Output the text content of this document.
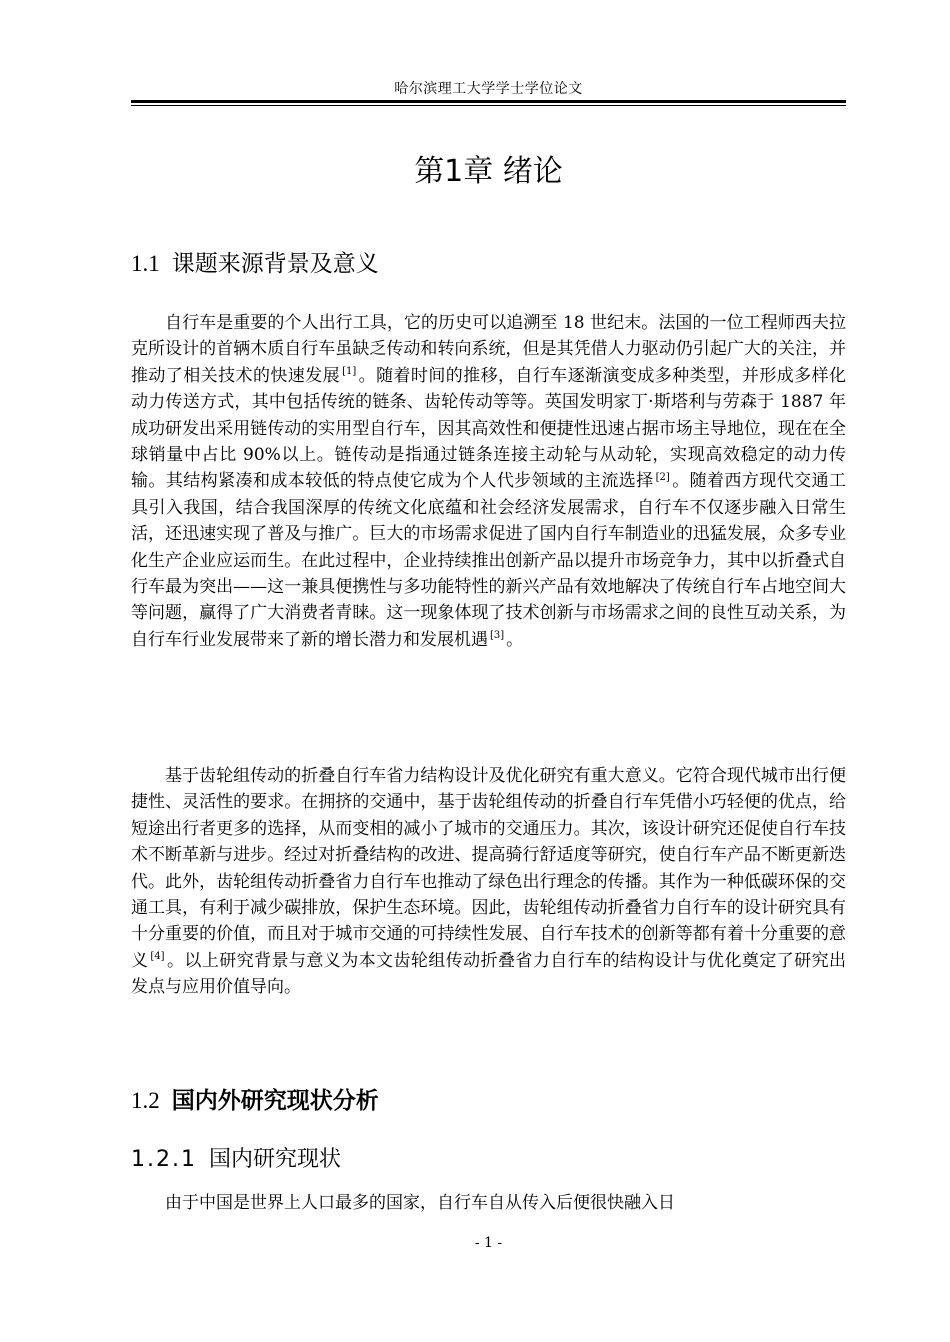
哈尔滨理工大学学士学位论文
第1章 绪论
1.1 课题来源背景及意义

自行车是重要的个人出行工具，它的历史可以追溯至 18 世纪末。法国的一位工程师西夫拉克所设计的首辆木质自行车虽缺乏传动和转向系统，但是其凭借人力驱动仍引起广大的关注，并推动了相关技术的快速发展 [1] 。随着时间的推移，自行车逐渐演变成多种类型，并形成多样化动力传送方式，其中包括传统的链条、齿轮传动等等。英国发明家丁·斯塔利与劳森于 1887 年成功研发出采用链传动的实用型自行车，因其高效性和便捷性迅速占据市场主导地位，现在在全球销量中占比 90%以上。链传动是指通过链条连接主动轮与从动轮，实现高效稳定的动力传输。其结构紧凑和成本较低的特点使它成为个人代步领域的主流选择 [2] 。随着西方现代交通工具引入我国，结合我国深厚的传统文化底蕴和社会经济发展需求，自行车不仅逐步融入日常生活，还迅速实现了普及与推广。巨大的市场需求促进了国内自行车制造业的迅猛发展，众多专业化生产企业应运而生。在此过程中，企业持续推出创新产品以提升市场竞争力，其中以折叠式自行车最为突出——这一兼具便携性与多功能特性的新兴产品有效地解决了传统自行车占地空间大等问题，赢得了广大消费者青睐。这一现象体现了技术创新与市场需求之间的良性互动关系，为自行车行业发展带来了新的增长潜力和发展机遇 [3] 。

基于齿轮组传动的折叠自行车省力结构设计及优化研究有重大意义。它符合现代城市出行便捷性、灵活性的要求。在拥挤的交通中，基于齿轮组传动的折叠自行车凭借小巧轻便的优点，给短途出行者更多的选择，从而变相的减小了城市的交通压力。其次，该设计研究还促使自行车技术不断革新与进步。经过对折叠结构的改进、提高骑行舒适度等研究，使自行车产品不断更新迭代。此外，齿轮组传动折叠省力自行车也推动了绿色出行理念的传播。其作为一种低碳环保的交通工具，有利于减少碳排放，保护生态环境。因此，齿轮组传动折叠省力自行车的设计研究具有十分重要的价值，而且对于城市交通的可持续性发展、自行车技术的创新等都有着十分重要的意义 [4] 。以上研究背景与意义为本文齿轮组传动折叠省力自行车的结构设计与优化奠定了研究出发点与应用价值导向。

1.2 国内外研究现状分析
1.2.1 国内研究现状

由于中国是世界上人口最多的国家，自行车自从传入后便很快融入日

- 1 -
